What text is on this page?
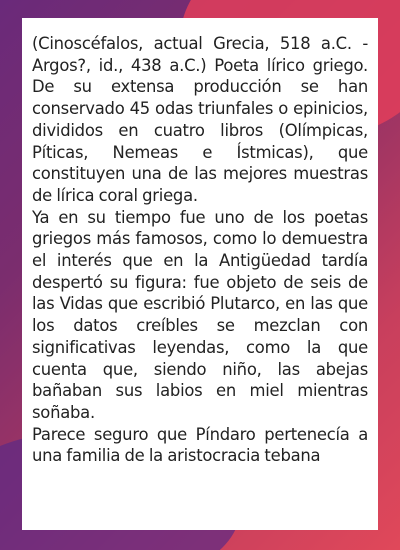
(Cinoscéfalos, actual Grecia, 518 a.C. - Argos?, id., 438 a.C.) Poeta lírico griego. De su extensa producción se han conservado 45 odas triunfales o epinicios, divididos en cuatro libros (Olímpicas, Píticas, Nemeas e Ístmicas), que constituyen una de las mejores muestras de lírica coral griega.

Ya en su tiempo fue uno de los poetas griegos más famosos, como lo demuestra el interés que en la Antigüedad tardía despertó su figura: fue objeto de seis de las Vidas que escribió Plutarco, en las que los datos creíbles se mezclan con significativas leyendas, como la que cuenta que, siendo niño, las abejas bañaban sus labios en miel mientras soñaba.

Parece seguro que Píndaro pertenecía a una familia de la aristocracia tebana
